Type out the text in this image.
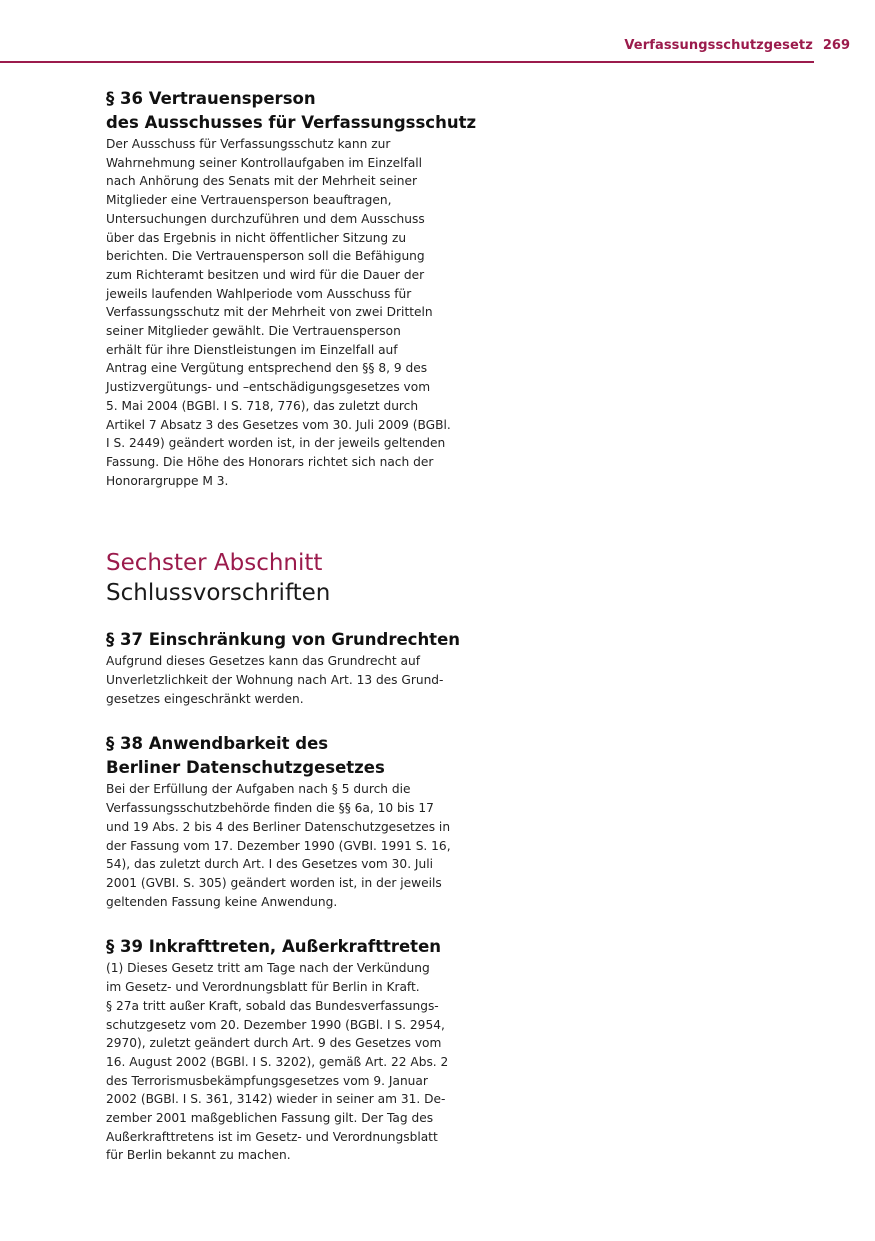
Verfassungsschutzgesetz 269
§ 36 Vertrauensperson
des Ausschusses für Verfassungsschutz

Der Ausschuss für Verfassungsschutz kann zur
Wahrnehmung seiner Kontrollaufgaben im Einzelfall
nach Anhörung des Senats mit der Mehrheit seiner
Mitglieder eine Vertrauensperson beauftragen,
Untersuchungen durchzuführen und dem Ausschuss
über das Ergebnis in nicht öffentlicher Sitzung zu
berichten. Die Vertrauensperson soll die Befähigung
zum Richteramt besitzen und wird für die Dauer der
jeweils laufenden Wahlperiode vom Ausschuss für
Verfassungsschutz mit der Mehrheit von zwei Dritteln
seiner Mitglieder gewählt. Die Vertrauensperson
erhält für ihre Dienstleistungen im Einzelfall auf
Antrag eine Vergütung entsprechend den §§ 8, 9 des
Justizvergütungs- und –entschädigungsgesetzes vom
5. Mai 2004 (BGBl. I S. 718, 776), das zuletzt durch
Artikel 7 Absatz 3 des Gesetzes vom 30. Juli 2009 (BGBl.
I S. 2449) geändert worden ist, in der jeweils geltenden
Fassung. Die Höhe des Honorars richtet sich nach der
Honorargruppe M 3.

Sechster Abschnitt
Schlussvorschriften
§ 37 Einschränkung von Grundrechten

Aufgrund dieses Gesetzes kann das Grundrecht auf
Unverletzlichkeit der Wohnung nach Art. 13 des Grund-
gesetzes eingeschränkt werden.

§ 38 Anwendbarkeit des
Berliner Datenschutzgesetzes

Bei der Erfüllung der Aufgaben nach § 5 durch die
Verfassungsschutzbehörde finden die §§ 6a, 10 bis 17
und 19 Abs. 2 bis 4 des Berliner Datenschutzgesetzes in
der Fassung vom 17. Dezember 1990 (GVBI. 1991 S. 16,
54), das zuletzt durch Art. I des Gesetzes vom 30. Juli
2001 (GVBI. S. 305) geändert worden ist, in der jeweils
geltenden Fassung keine Anwendung.

§ 39 Inkrafttreten, Außerkrafttreten

(1) Dieses Gesetz tritt am Tage nach der Verkündung
im Gesetz- und Verordnungsblatt für Berlin in Kraft.
§ 27a tritt außer Kraft, sobald das Bundesverfassungs-
schutzgesetz vom 20. Dezember 1990 (BGBl. I S. 2954,
2970), zuletzt geändert durch Art. 9 des Gesetzes vom
16. August 2002 (BGBl. I S. 3202), gemäß Art. 22 Abs. 2
des Terrorismusbekämpfungsgesetzes vom 9. Januar
2002 (BGBl. I S. 361, 3142) wieder in seiner am 31. De-
zember 2001 maßgeblichen Fassung gilt. Der Tag des
Außerkrafttretens ist im Gesetz- und Verordnungsblatt
für Berlin bekannt zu machen.
